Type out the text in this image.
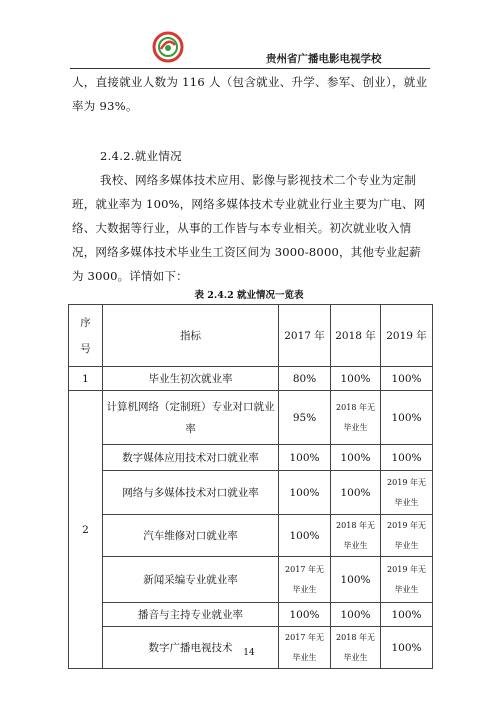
贵州省广播电影电视学校
人，直接就业人数为 116 人（包含就业、升学、参军、创业），就业率为 93%。
2.4.2.就业情况
我校、网络多媒体技术应用、影像与影视技术二个专业为定制班，就业率为 100%，网络多媒体技术专业就业行业主要为广电、网络、大数据等行业，从事的工作皆与本专业相关。初次就业收入情况，网络多媒体技术毕业生工资区间为 3000-8000，其他专业起薪为 3000。详情如下：
表 2.4.2 就业情况一览表
序号	指标	2017 年	2018 年	2019 年
1	毕业生初次就业率	80%	100%	100%
2	计算机网络（定制班）专业对口就业率	95%	2018 年无毕业生	100%
	数字媒体应用技术对口就业率	100%	100%	100%
	网络与多媒体技术对口就业率	100%	100%	2019 年无毕业生
	汽车维修对口就业率	100%	2018 年无毕业生	2019 年无毕业生
	新闻采编专业就业率	2017 年无毕业生	100%	2019 年无毕业生
	播音与主持专业就业率	100%	100%	100%
	数字广播电视技术	2017 年无毕业生	2018 年无毕业生	100%
14
